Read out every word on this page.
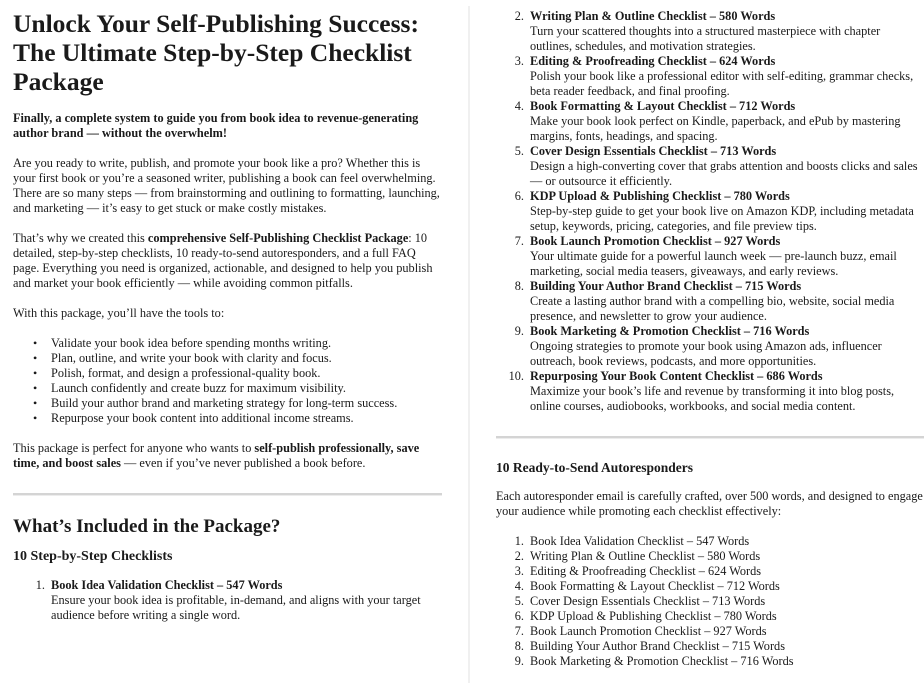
Unlock Your Self-Publishing Success: The Ultimate Step-by-Step Checklist Package

Finally, a complete system to guide you from book idea to revenue-generating author brand — without the overwhelm!

Are you ready to write, publish, and promote your book like a pro? Whether this is your first book or you’re a seasoned writer, publishing a book can feel overwhelming. There are so many steps — from brainstorming and outlining to formatting, launching, and marketing — it’s easy to get stuck or make costly mistakes.

That’s why we created this comprehensive Self-Publishing Checklist Package: 10 detailed, step-by-step checklists, 10 ready-to-send autoresponders, and a full FAQ page. Everything you need is organized, actionable, and designed to help you publish and market your book efficiently — while avoiding common pitfalls.

With this package, you’ll have the tools to:

• Validate your book idea before spending months writing.
• Plan, outline, and write your book with clarity and focus.
• Polish, format, and design a professional-quality book.
• Launch confidently and create buzz for maximum visibility.
• Build your author brand and marketing strategy for long-term success.
• Repurpose your book content into additional income streams.

This package is perfect for anyone who wants to self-publish professionally, save time, and boost sales — even if you’ve never published a book before.

What’s Included in the Package?
10 Step-by-Step Checklists
1. Book Idea Validation Checklist – 547 Words
Ensure your book idea is profitable, in-demand, and aligns with your target audience before writing a single word.
2. Writing Plan & Outline Checklist – 580 Words
Turn your scattered thoughts into a structured masterpiece with chapter outlines, schedules, and motivation strategies.
3. Editing & Proofreading Checklist – 624 Words
Polish your book like a professional editor with self-editing, grammar checks, beta reader feedback, and final proofing.
4. Book Formatting & Layout Checklist – 712 Words
Make your book look perfect on Kindle, paperback, and ePub by mastering margins, fonts, headings, and spacing.
5. Cover Design Essentials Checklist – 713 Words
Design a high-converting cover that grabs attention and boosts clicks and sales — or outsource it efficiently.
6. KDP Upload & Publishing Checklist – 780 Words
Step-by-step guide to get your book live on Amazon KDP, including metadata setup, keywords, pricing, categories, and file preview tips.
7. Book Launch Promotion Checklist – 927 Words
Your ultimate guide for a powerful launch week — pre-launch buzz, email marketing, social media teasers, giveaways, and early reviews.
8. Building Your Author Brand Checklist – 715 Words
Create a lasting author brand with a compelling bio, website, social media presence, and newsletter to grow your audience.
9. Book Marketing & Promotion Checklist – 716 Words
Ongoing strategies to promote your book using Amazon ads, influencer outreach, book reviews, podcasts, and more opportunities.
10. Repurposing Your Book Content Checklist – 686 Words
Maximize your book’s life and revenue by transforming it into blog posts, online courses, audiobooks, workbooks, and social media content.
10 Ready-to-Send Autoresponders

Each autoresponder email is carefully crafted, over 500 words, and designed to engage your audience while promoting each checklist effectively:

1. Book Idea Validation Checklist – 547 Words
2. Writing Plan & Outline Checklist – 580 Words
3. Editing & Proofreading Checklist – 624 Words
4. Book Formatting & Layout Checklist – 712 Words
5. Cover Design Essentials Checklist – 713 Words
6. KDP Upload & Publishing Checklist – 780 Words
7. Book Launch Promotion Checklist – 927 Words
8. Building Your Author Brand Checklist – 715 Words
9. Book Marketing & Promotion Checklist – 716 Words
